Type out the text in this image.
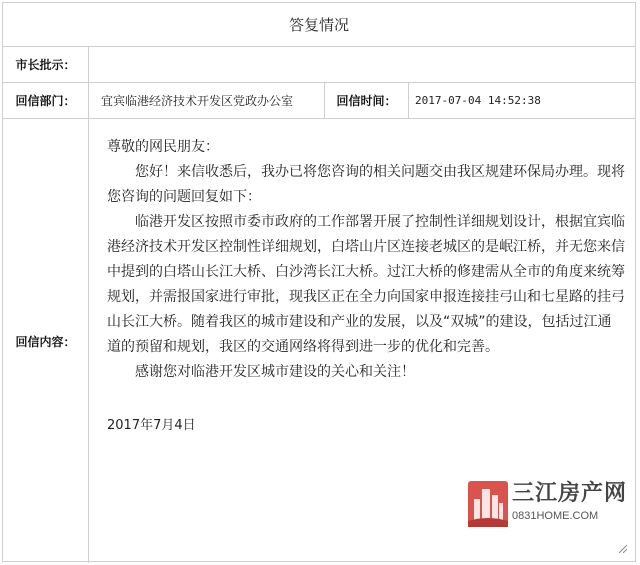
答复情况
市长批示：
回信部门：	宜宾临港经济技术开发区党政办公室	回信时间：	2017-07-04 14:52:38
回信内容：

尊敬的网民朋友：

您好！来信收悉后，我办已将您咨询的相关问题交由我区规建环保局办理。现将您咨询的问题回复如下：

临港开发区按照市委市政府的工作部署开展了控制性详细规划设计，根据宜宾临港经济技术开发区控制性详细规划，白塔山片区连接老城区的是岷江桥，并无您来信中提到的白塔山长江大桥、白沙湾长江大桥。过江大桥的修建需从全市的角度来统筹规划，并需报国家进行审批，现我区正在全力向国家申报连接挂弓山和七星路的挂弓山长江大桥。随着我区的城市建设和产业的发展，以及“双城”的建设，包括过江通道的预留和规划，我区的交通网络将得到进一步的优化和完善。

感谢您对临港开发区城市建设的关心和关注！

2017年7月4日

三江房产网
0831HOME.COM
